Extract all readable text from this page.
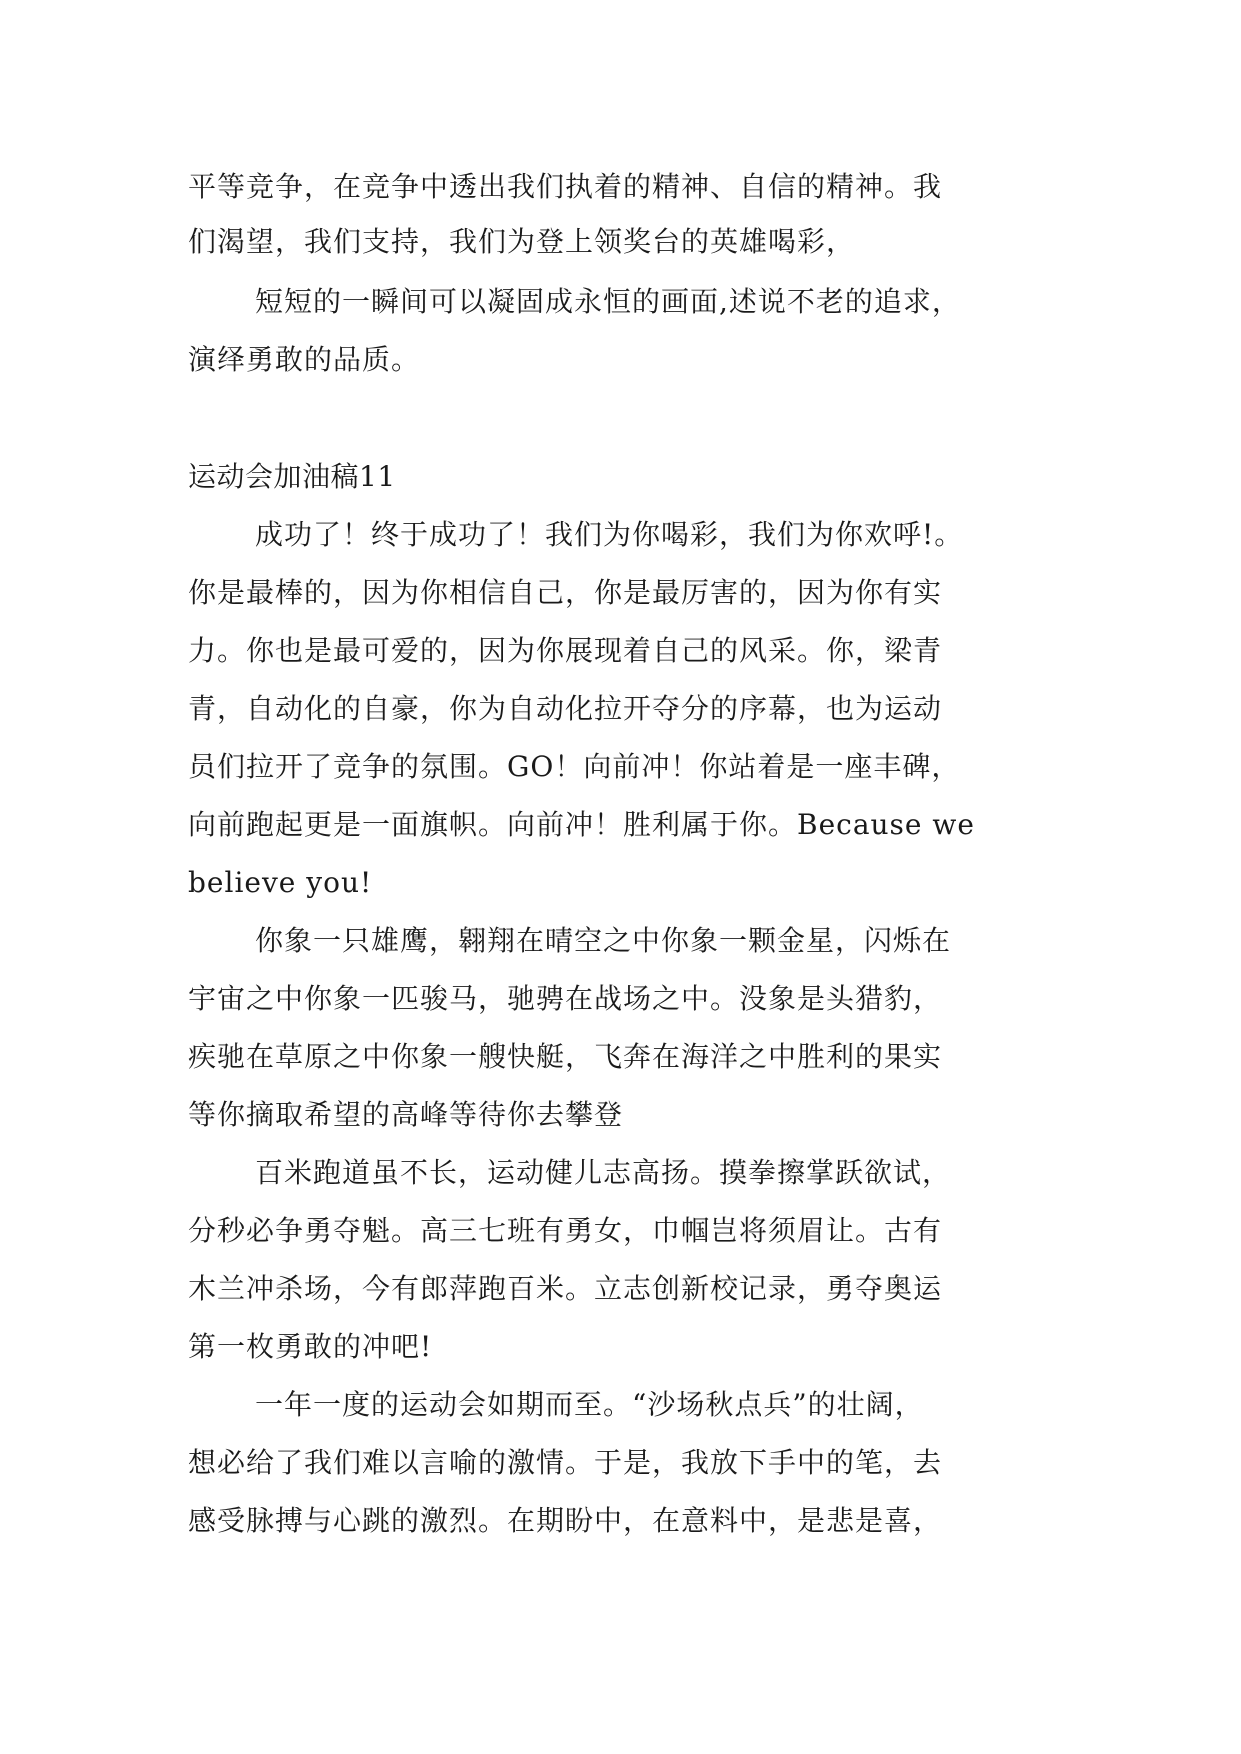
平等竞争，在竞争中透出我们执着的精神、自信的精神。我
们渴望，我们支持，我们为登上领奖台的英雄喝彩，
短短的一瞬间可以凝固成永恒的画面,述说不老的追求，
演绎勇敢的品质。
运动会加油稿11
成功了！终于成功了！我们为你喝彩，我们为你欢呼!。
你是最棒的，因为你相信自己，你是最厉害的，因为你有实
力。你也是最可爱的，因为你展现着自己的风采。你，梁青
青，自动化的自豪，你为自动化拉开夺分的序幕，也为运动
员们拉开了竞争的氛围。GO！向前冲！你站着是一座丰碑，
向前跑起更是一面旗帜。向前冲！胜利属于你。Because we
believe you!
你象一只雄鹰，翱翔在晴空之中你象一颗金星，闪烁在
宇宙之中你象一匹骏马，驰骋在战场之中。没象是头猎豹，
疾驰在草原之中你象一艘快艇，飞奔在海洋之中胜利的果实
等你摘取希望的高峰等待你去攀登
百米跑道虽不长，运动健儿志高扬。摸拳擦掌跃欲试，
分秒必争勇夺魁。高三七班有勇女，巾帼岂将须眉让。古有
木兰冲杀场，今有郎萍跑百米。立志创新校记录，勇夺奥运
第一枚勇敢的冲吧!
一年一度的运动会如期而至。“沙场秋点兵”的壮阔，
想必给了我们难以言喻的激情。于是，我放下手中的笔，去
感受脉搏与心跳的激烈。在期盼中，在意料中，是悲是喜，
